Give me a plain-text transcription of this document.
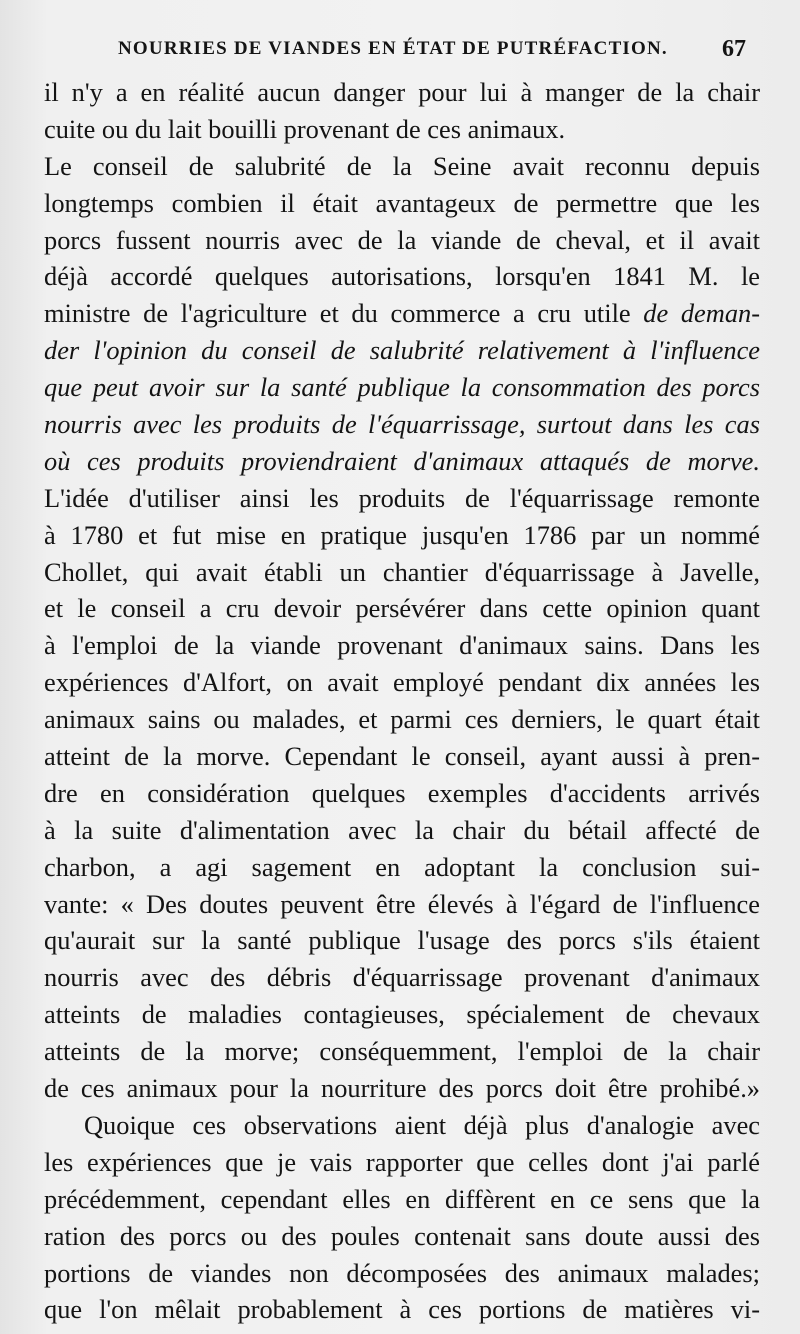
NOURRIES DE VIANDES EN ÉTAT DE PUTRÉFACTION. 67
il n'y a en réalité aucun danger pour lui à manger de la chair
cuite ou du lait bouilli provenant de ces animaux.
Le conseil de salubrité de la Seine avait reconnu depuis
longtemps combien il était avantageux de permettre que les
porcs fussent nourris avec de la viande de cheval, et il avait
déjà accordé quelques autorisations, lorsqu'en 1841 M. le
ministre de l'agriculture et du commerce a cru utile de deman-
der l'opinion du conseil de salubrité relativement à l'influence
que peut avoir sur la santé publique la consommation des porcs
nourris avec les produits de l'équarrissage, surtout dans les cas
où ces produits proviendraient d'animaux attaqués de morve.
L'idée d'utiliser ainsi les produits de l'équarrissage remonte
à 1780 et fut mise en pratique jusqu'en 1786 par un nommé
Chollet, qui avait établi un chantier d'équarrissage à Javelle,
et le conseil a cru devoir persévérer dans cette opinion quant
à l'emploi de la viande provenant d'animaux sains. Dans les
expériences d'Alfort, on avait employé pendant dix années les
animaux sains ou malades, et parmi ces derniers, le quart était
atteint de la morve. Cependant le conseil, ayant aussi à pren-
dre en considération quelques exemples d'accidents arrivés
à la suite d'alimentation avec la chair du bétail affecté de
charbon, a agi sagement en adoptant la conclusion sui-
vante: « Des doutes peuvent être élevés à l'égard de l'influence
qu'aurait sur la santé publique l'usage des porcs s'ils étaient
nourris avec des débris d'équarrissage provenant d'animaux
atteints de maladies contagieuses, spécialement de chevaux
atteints de la morve; conséquemment, l'emploi de la chair
de ces animaux pour la nourriture des porcs doit être prohibé.»
Quoique ces observations aient déjà plus d'analogie avec
les expériences que je vais rapporter que celles dont j'ai parlé
précédemment, cependant elles en diffèrent en ce sens que la
ration des porcs ou des poules contenait sans doute aussi des
portions de viandes non décomposées des animaux malades;
que l'on mêlait probablement à ces portions de matières vi-
